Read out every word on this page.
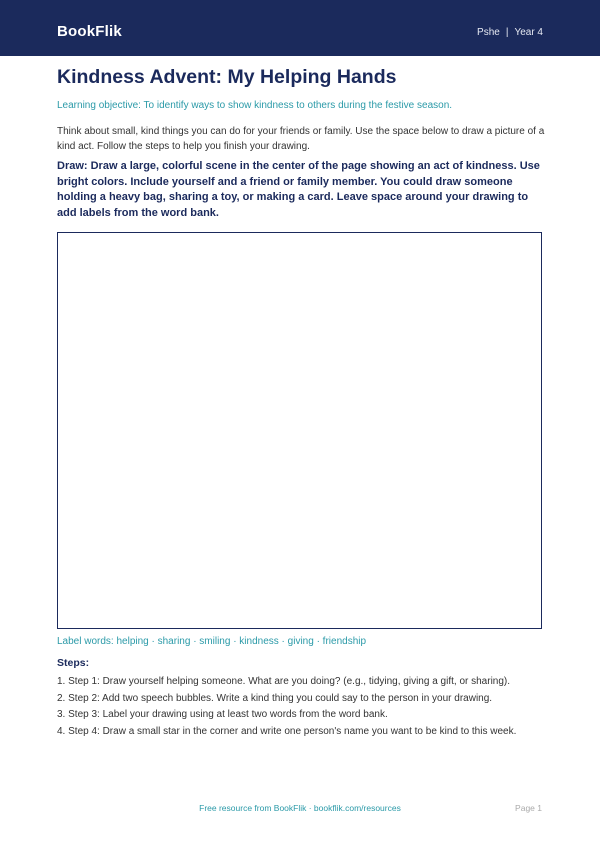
BookFlik	Pshe | Year 4
Kindness Advent: My Helping Hands
Learning objective: To identify ways to show kindness to others during the festive season.
Think about small, kind things you can do for your friends or family. Use the space below to draw a picture of a kind act. Follow the steps to help you finish your drawing.
Draw: Draw a large, colorful scene in the center of the page showing an act of kindness. Use bright colors. Include yourself and a friend or family member. You could draw someone holding a heavy bag, sharing a toy, or making a card. Leave space around your drawing to add labels from the word bank.
Label words: helping · sharing · smiling · kindness · giving · friendship
Steps:
1. Step 1: Draw yourself helping someone. What are you doing? (e.g., tidying, giving a gift, or sharing).
2. Step 2: Add two speech bubbles. Write a kind thing you could say to the person in your drawing.
3. Step 3: Label your drawing using at least two words from the word bank.
4. Step 4: Draw a small star in the corner and write one person's name you want to be kind to this week.
Free resource from BookFlik · bookflik.com/resources	Page 1
